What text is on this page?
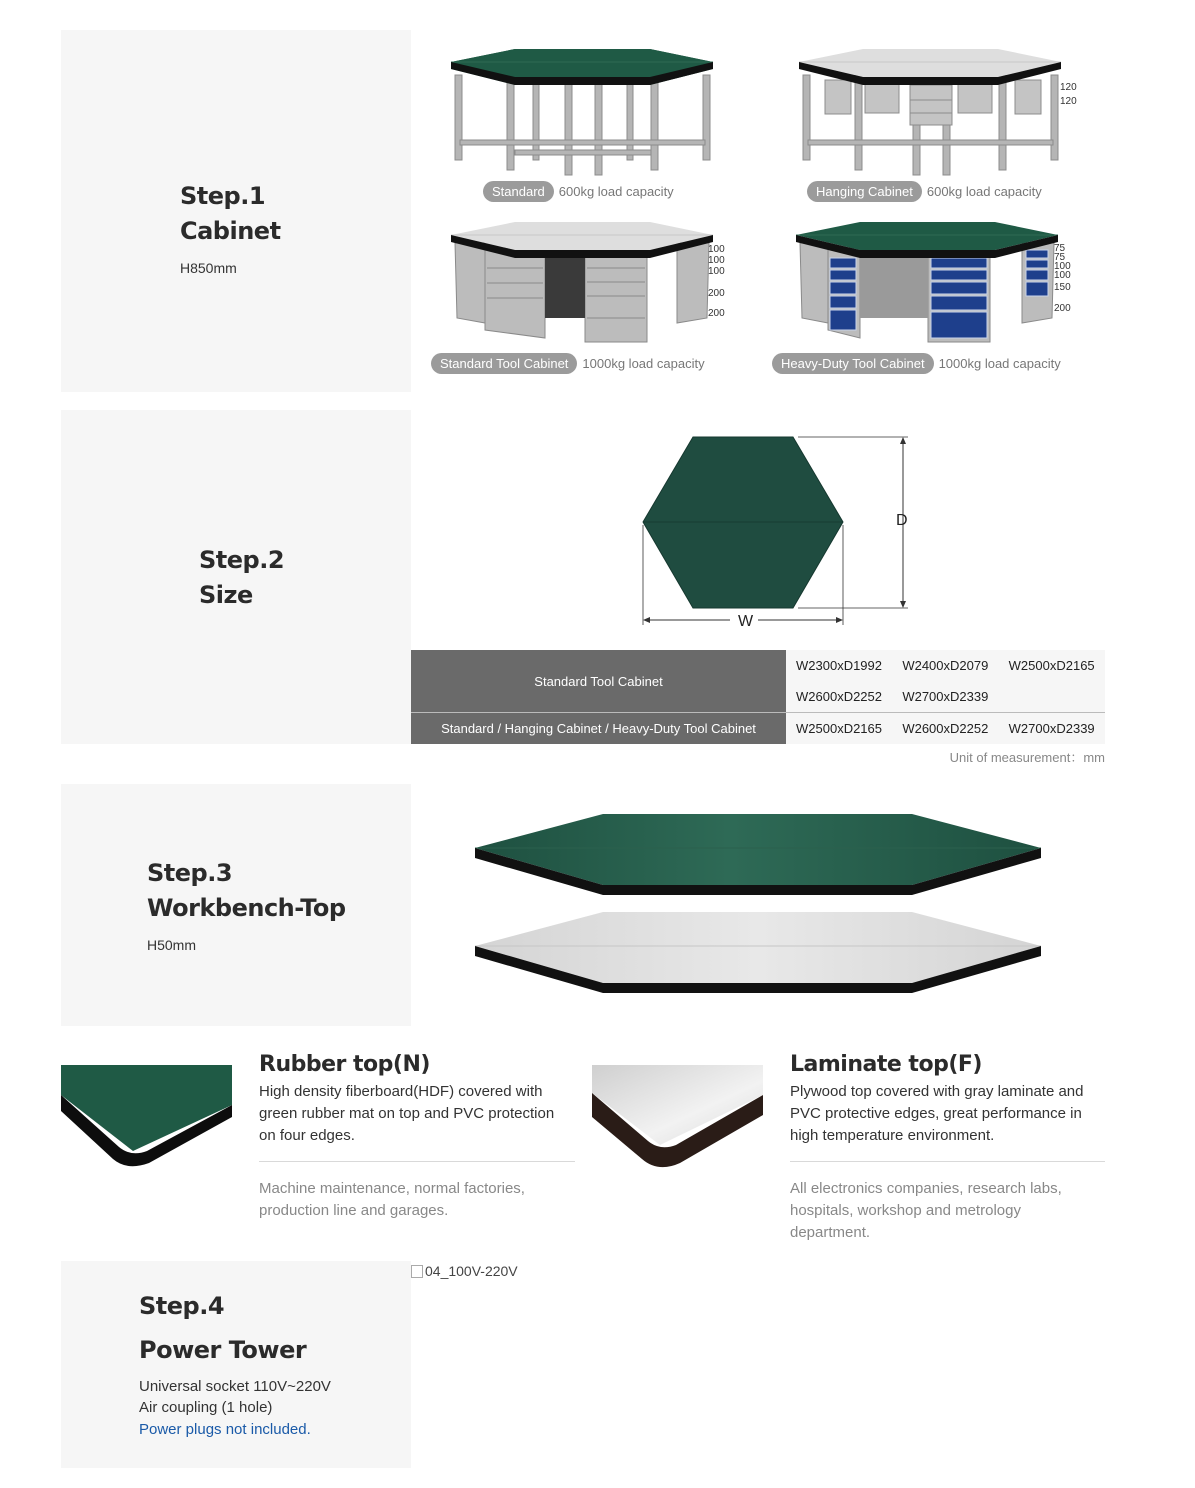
Step.1
Cabinet
H850mm
Standard	600kg load capacity
120
120
Hanging Cabinet	600kg load capacity
100
100
100
200
200
Standard Tool Cabinet	1000kg load capacity
75
75
100
100
150
200
Heavy-Duty Tool Cabinet	1000kg load capacity
Step.2
Size
D
W
Standard Tool Cabinet	W2300xD1992	W2400xD2079	W2500xD2165
	W2600xD2252	W2700xD2339	
Standard / Hanging Cabinet / Heavy-Duty Tool Cabinet	W2500xD2165	W2600xD2252	W2700xD2339
Unit of measurement：mm
Step.3
Workbench-Top
H50mm
Rubber top(N)
High density fiberboard(HDF) covered with green rubber mat on top and PVC protection on four edges.
Machine maintenance, normal factories, production line and garages.
Laminate top(F)
Plywood top covered with gray laminate and PVC protective edges, great performance in high temperature environment.
All electronics companies, research labs, hospitals, workshop and metrology department.
Step.4
Power Tower
Universal socket 110V~220V
Air coupling (1 hole)
Power plugs not included.
04_100V-220V
